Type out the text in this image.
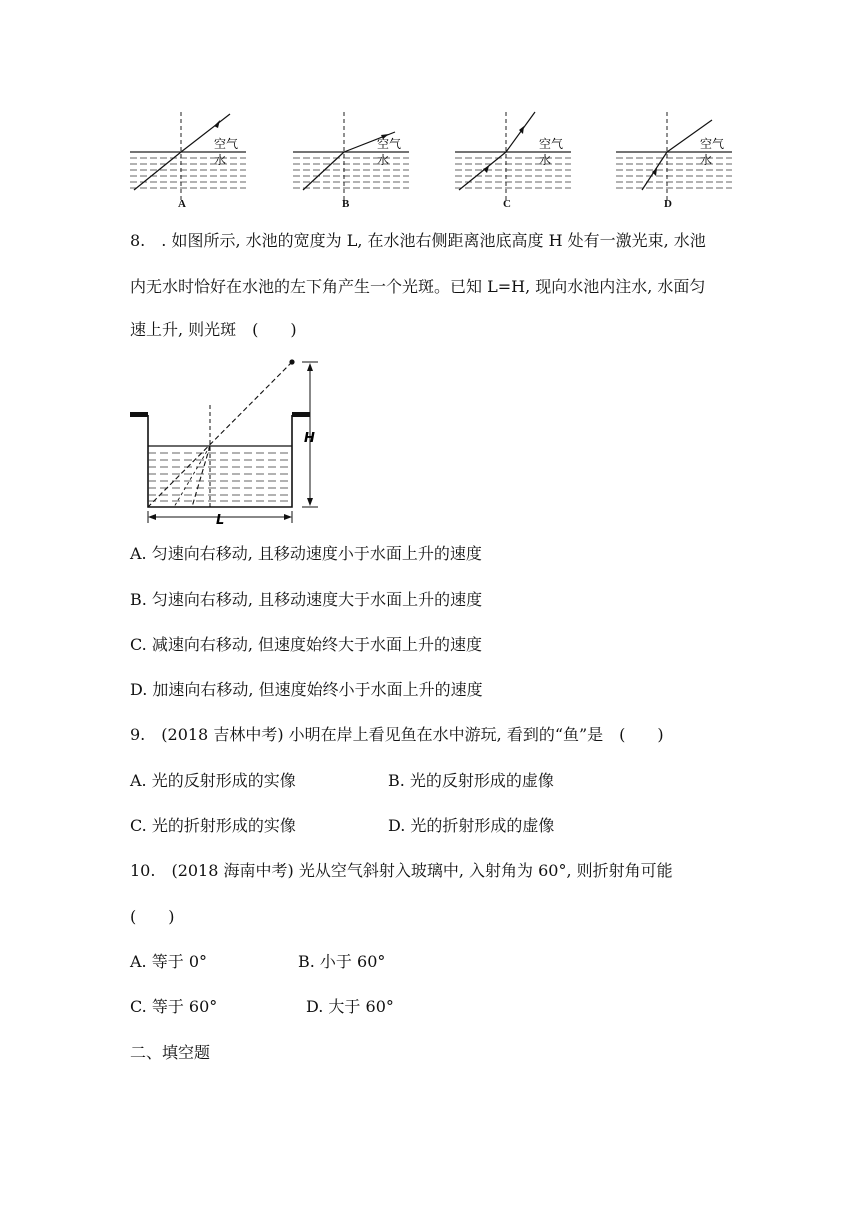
空气
水
A
空气
水
B
空气
水
C
空气
水
D
8.　. 如图所示, 水池的宽度为 L, 在水池右侧距离池底高度 H 处有一激光束, 水池
内无水时恰好在水池的左下角产生一个光斑。已知 L=H, 现向水池内注水, 水面匀
速上升, 则光斑　(　　)
H
L
A. 匀速向右移动, 且移动速度小于水面上升的速度
B. 匀速向右移动, 且移动速度大于水面上升的速度
C. 减速向右移动, 但速度始终大于水面上升的速度
D. 加速向右移动, 但速度始终小于水面上升的速度
9.　(2018 吉林中考) 小明在岸上看见鱼在水中游玩, 看到的“鱼”是　(　　)
A. 光的反射形成的实像	B. 光的反射形成的虚像
C. 光的折射形成的实像	D. 光的折射形成的虚像
10.　(2018 海南中考) 光从空气斜射入玻璃中, 入射角为 60°, 则折射角可能
(　　)
A. 等于 0°	B. 小于 60°
C. 等于 60°	D. 大于 60°
二、填空题
